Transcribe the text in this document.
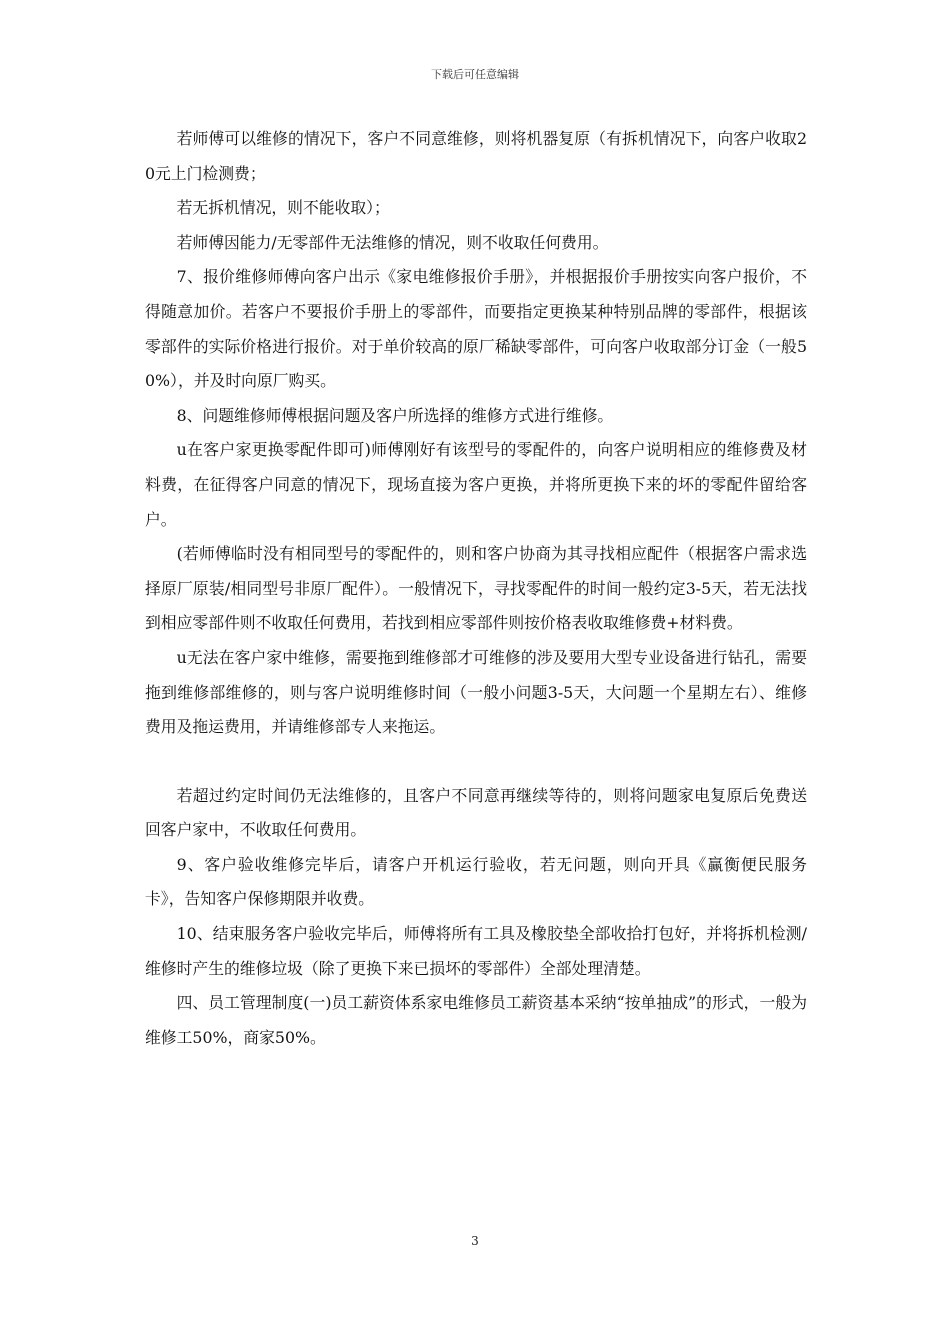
下载后可任意编辑

若师傅可以维修的情况下，客户不同意维修，则将机器复原（有拆机情况下，向客户收取20元上门检测费；

若无拆机情况，则不能收取）；

若师傅因能力/无零部件无法维修的情况，则不收取任何费用。

7、报价维修师傅向客户出示《家电维修报价手册》，并根据报价手册按实向客户报价，不得随意加价。若客户不要报价手册上的零部件，而要指定更换某种特别品牌的零部件，根据该零部件的实际价格进行报价。对于单价较高的原厂稀缺零部件，可向客户收取部分订金（一般50%），并及时向原厂购买。

8、问题维修师傅根据问题及客户所选择的维修方式进行维修。

u在客户家更换零配件即可)师傅刚好有该型号的零配件的，向客户说明相应的维修费及材料费，在征得客户同意的情况下，现场直接为客户更换，并将所更换下来的坏的零配件留给客户。

(若师傅临时没有相同型号的零配件的，则和客户协商为其寻找相应配件（根据客户需求选择原厂原装/相同型号非原厂配件）。一般情况下，寻找零配件的时间一般约定3-5天，若无法找到相应零部件则不收取任何费用，若找到相应零部件则按价格表收取维修费+材料费。

u无法在客户家中维修，需要拖到维修部才可维修的涉及要用大型专业设备进行钻孔，需要拖到维修部维修的，则与客户说明维修时间（一般小问题3-5天，大问题一个星期左右）、维修费用及拖运费用，并请维修部专人来拖运。

若超过约定时间仍无法维修的，且客户不同意再继续等待的，则将问题家电复原后免费送回客户家中，不收取任何费用。

9、客户验收维修完毕后，请客户开机运行验收，若无问题，则向开具《赢衡便民服务卡》，告知客户保修期限并收费。

10、结束服务客户验收完毕后，师傅将所有工具及橡胶垫全部收拾打包好，并将拆机检测/维修时产生的维修垃圾（除了更换下来已损坏的零部件）全部处理清楚。

四、员工管理制度(一)员工薪资体系家电维修员工薪资基本采纳“按单抽成”的形式，一般为维修工50%，商家50%。

3
